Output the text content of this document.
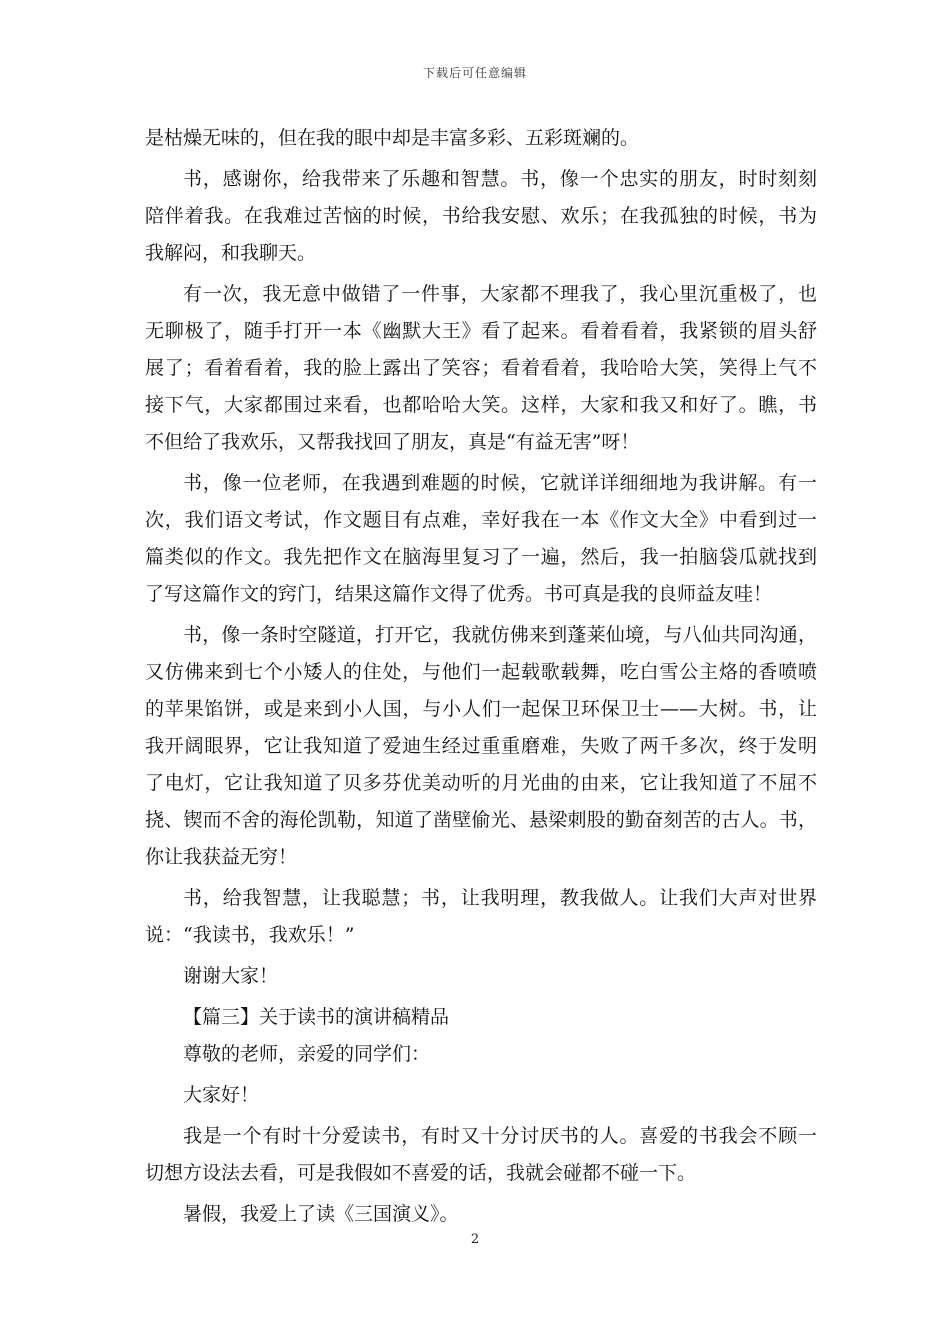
下载后可任意编辑
是枯燥无味的，但在我的眼中却是丰富多彩、五彩斑斓的。
书，感谢你，给我带来了乐趣和智慧。书，像一个忠实的朋友，时时刻刻
陪伴着我。在我难过苦恼的时候，书给我安慰、欢乐；在我孤独的时候，书为
我解闷，和我聊天。
有一次，我无意中做错了一件事，大家都不理我了，我心里沉重极了，也
无聊极了，随手打开一本《幽默大王》看了起来。看着看着，我紧锁的眉头舒
展了；看着看着，我的脸上露出了笑容；看着看着，我哈哈大笑，笑得上气不
接下气，大家都围过来看，也都哈哈大笑。这样，大家和我又和好了。瞧，书
不但给了我欢乐，又帮我找回了朋友，真是“有益无害”呀！
书，像一位老师，在我遇到难题的时候，它就详详细细地为我讲解。有一
次，我们语文考试，作文题目有点难，幸好我在一本《作文大全》中看到过一
篇类似的作文。我先把作文在脑海里复习了一遍，然后，我一拍脑袋瓜就找到
了写这篇作文的窍门，结果这篇作文得了优秀。书可真是我的良师益友哇！
书，像一条时空隧道，打开它，我就仿佛来到蓬莱仙境，与八仙共同沟通，
又仿佛来到七个小矮人的住处，与他们一起载歌载舞，吃白雪公主烙的香喷喷
的苹果馅饼，或是来到小人国，与小人们一起保卫环保卫士——大树。书，让
我开阔眼界，它让我知道了爱迪生经过重重磨难，失败了两千多次，终于发明
了电灯，它让我知道了贝多芬优美动听的月光曲的由来，它让我知道了不屈不
挠、锲而不舍的海伦凯勒，知道了凿壁偷光、悬梁刺股的勤奋刻苦的古人。书，
你让我获益无穷！
书，给我智慧，让我聪慧；书，让我明理，教我做人。让我们大声对世界
说：“我读书，我欢乐！”
谢谢大家！
【篇三】关于读书的演讲稿精品
尊敬的老师，亲爱的同学们：
大家好！
我是一个有时十分爱读书，有时又十分讨厌书的人。喜爱的书我会不顾一
切想方设法去看，可是我假如不喜爱的话，我就会碰都不碰一下。
暑假，我爱上了读《三国演义》。
2
